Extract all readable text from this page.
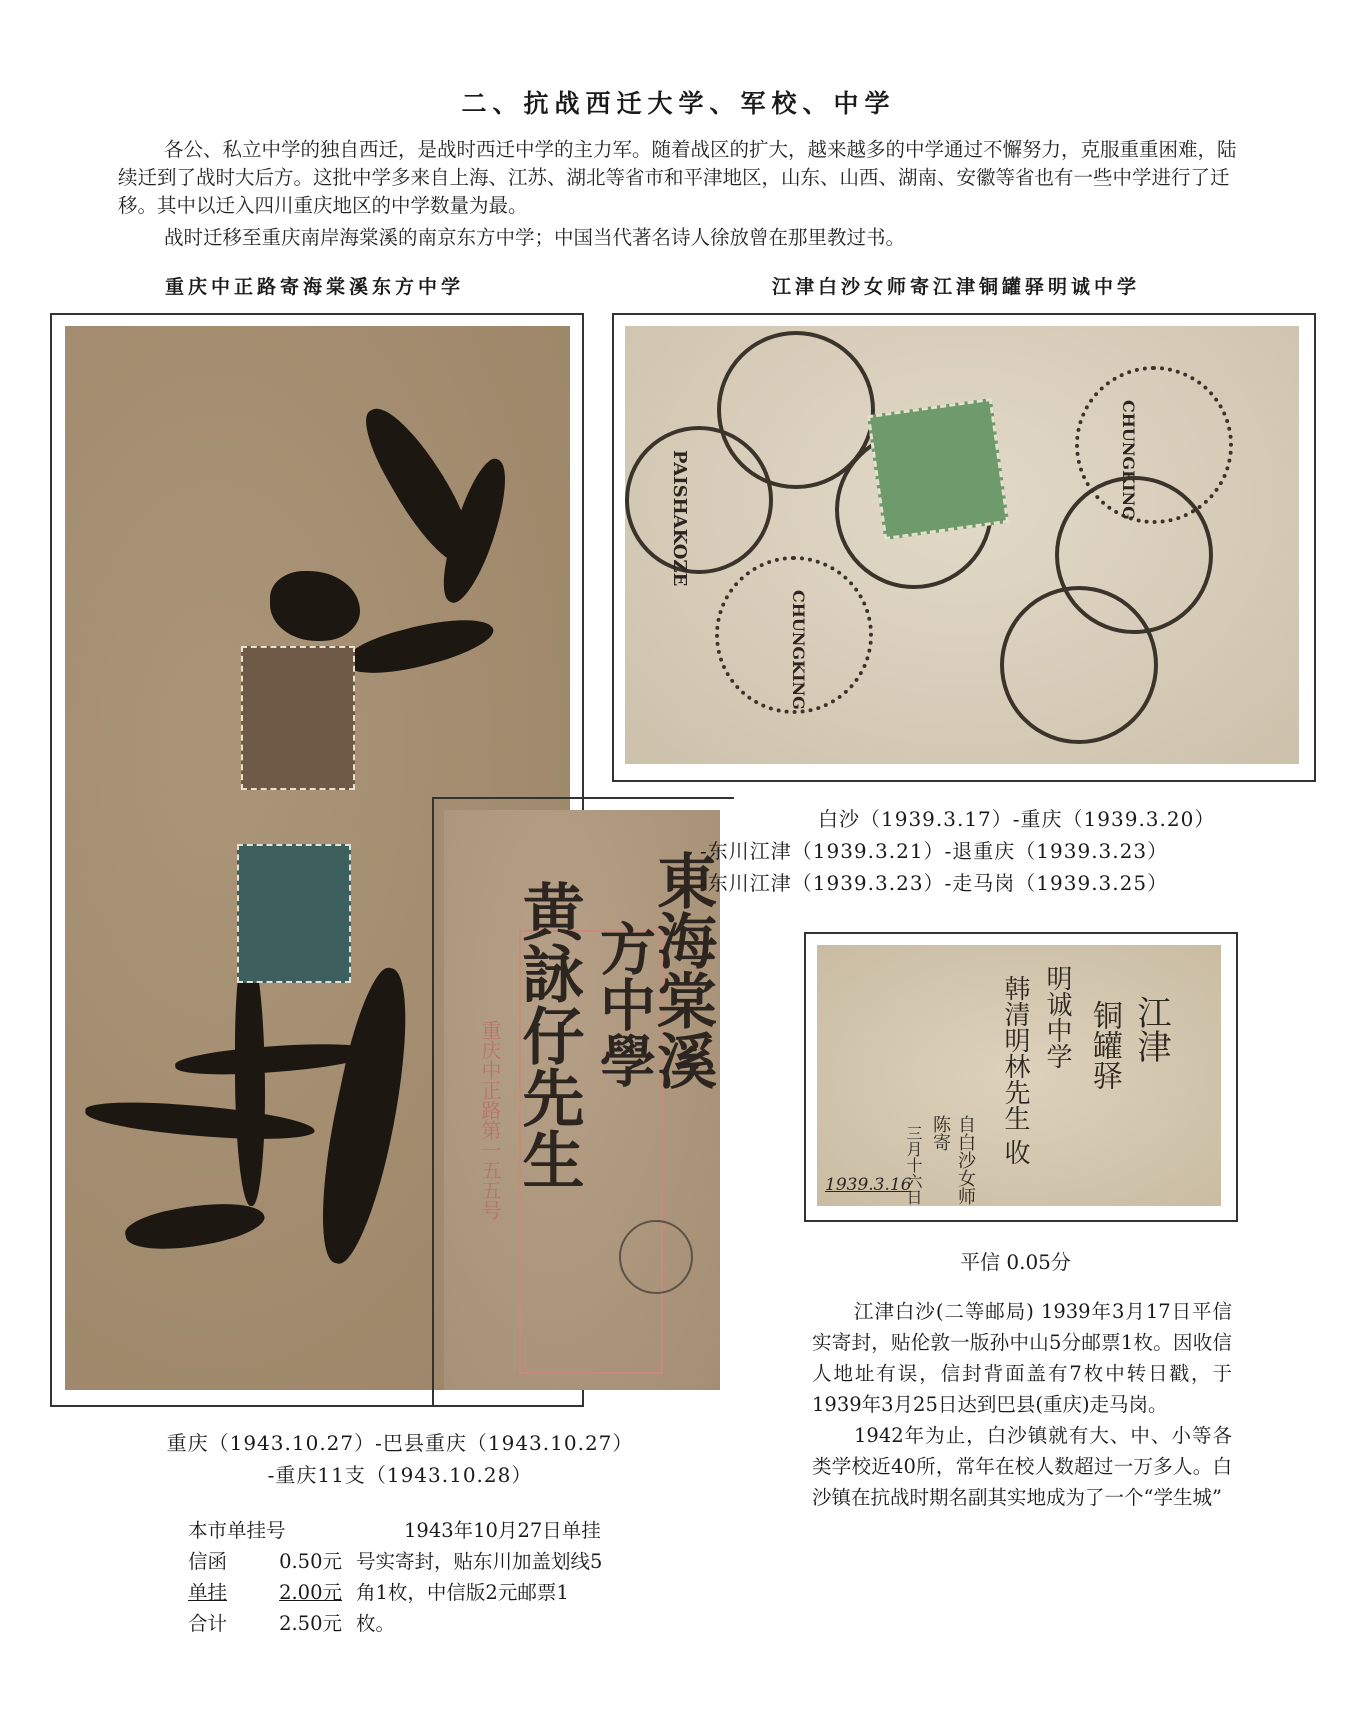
二、抗战西迁大学、军校、中学
各公、私立中学的独自西迁，是战时西迁中学的主力军。随着战区的扩大，越来越多的中学通过不懈努力，克服重重困难，陆续迁到了战时大后方。这批中学多来自上海、江苏、湖北等省市和平津地区，山东、山西、湖南、安徽等省也有一些中学进行了迁移。其中以迁入四川重庆地区的中学数量为最。
战时迁移至重庆南岸海棠溪的南京东方中学；中国当代著名诗人徐放曾在那里教过书。
重庆中正路寄海棠溪东方中学	江津白沙女师寄江津铜罐驿明诚中学
東海棠溪
方中學
黄詠仔先生
重庆中正路第一五五号
重庆（1943.10.27）-巴县重庆（1943.10.27）
-重庆11支（1943.10.28）
本市单挂号
信函	0.50元
单挂	2.00元
合计	2.50元

1943年10月27日单挂号实寄封，贴东川加盖划线5角1枚，中信版2元邮票1枚。

PAISHAKOZE
CHUNGKING
CHUNGKING
白沙（1939.3.17）-重庆（1939.3.20）
-东川江津（1939.3.21）-退重庆（1939.3.23）
-东川江津（1939.3.23）-走马岗（1939.3.25）
江津
铜罐驿
明诚中学
韩清明林先生 收
自白沙女师
陈寄
三月十六日
1939.3.16
平信 0.05分

江津白沙(二等邮局) 1939年3月17日平信实寄封，贴伦敦一版孙中山5分邮票1枚。因收信人地址有误，信封背面盖有7枚中转日戳，于1939年3月25日达到巴县(重庆)走马岗。

1942年为止，白沙镇就有大、中、小等各类学校近40所，常年在校人数超过一万多人。白沙镇在抗战时期名副其实地成为了一个“学生城”
